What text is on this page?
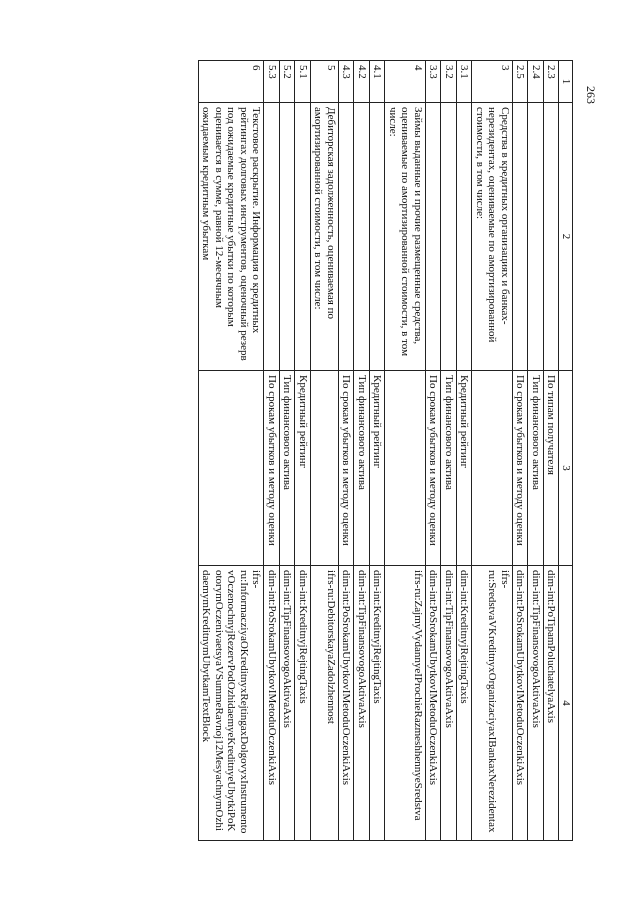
263
1	2	3	4
2.3		По типам получателя	dim-int:PoTipamPoluchatelyaAxis
2.4		Тип финансового актива	dim-int:TipFinansovogoAktivaAxis
2.5		По срокам убытков и методу оценки	dim-int:PoSrokamUbytkovIMetoduOczenkiAxis
3	Средства в кредитных организациях и банках-нерезидентах, оцениваемые по амортизированной стоимости, в том числе:		ifrs-ru:SredstvaVKreditnyxOrganizaciyaxIBankaxNerezidentax
3.1		Кредитный рейтинг	dim-int:KreditnyjRejtingTaxis
3.2		Тип финансового актива	dim-int:TipFinansovogoAktivaAxis
3.3		По срокам убытков и методу оценки	dim-int:PoSrokamUbytkovIMetoduOczenkiAxis
4	Займы выданные и прочие размещенные средства, оцениваемые по амортизированной стоимости, в том числе:		ifrs-ru:ZajmyVydannyeIProchieRazmeshhennyeSredstva
4.1		Кредитный рейтинг	dim-int:KreditnyjRejtingTaxis
4.2		Тип финансового актива	dim-int:TipFinansovogoAktivaAxis
4.3		По срокам убытков и методу оценки	dim-int:PoSrokamUbytkovIMetoduOczenkiAxis
5	Дебиторская задолженность, оцениваемая по амортизированной стоимости, в том числе:		ifrs-ru:DebitorskayaZadolzhennost
5.1		Кредитный рейтинг	dim-int:KreditnyjRejtingTaxis
5.2		Тип финансового актива	dim-int:TipFinansovogoAktivaAxis
5.3		По срокам убытков и методу оценки	dim-int:PoSrokamUbytkovIMetoduOczenkiAxis
6	Текстовое раскрытие. Информация о кредитных рейтингах долговых инструментов, оценочный резерв под ожидаемые кредитные убытки по которым оценивается в сумме, равной 12-месячным ожидаемым кредитным убыткам		ifrs-ru:InformacziyaOKreditnyxRejtingaxDolgovyxInstrumentovOczenochnyjRezervPodOzhidaemyeKreditnyeUbytkiPoKotorymOczenivaetsyaVSummeRavnoj12MesyachnymOzhidaemymKreditnymUbytkamTextBlock
